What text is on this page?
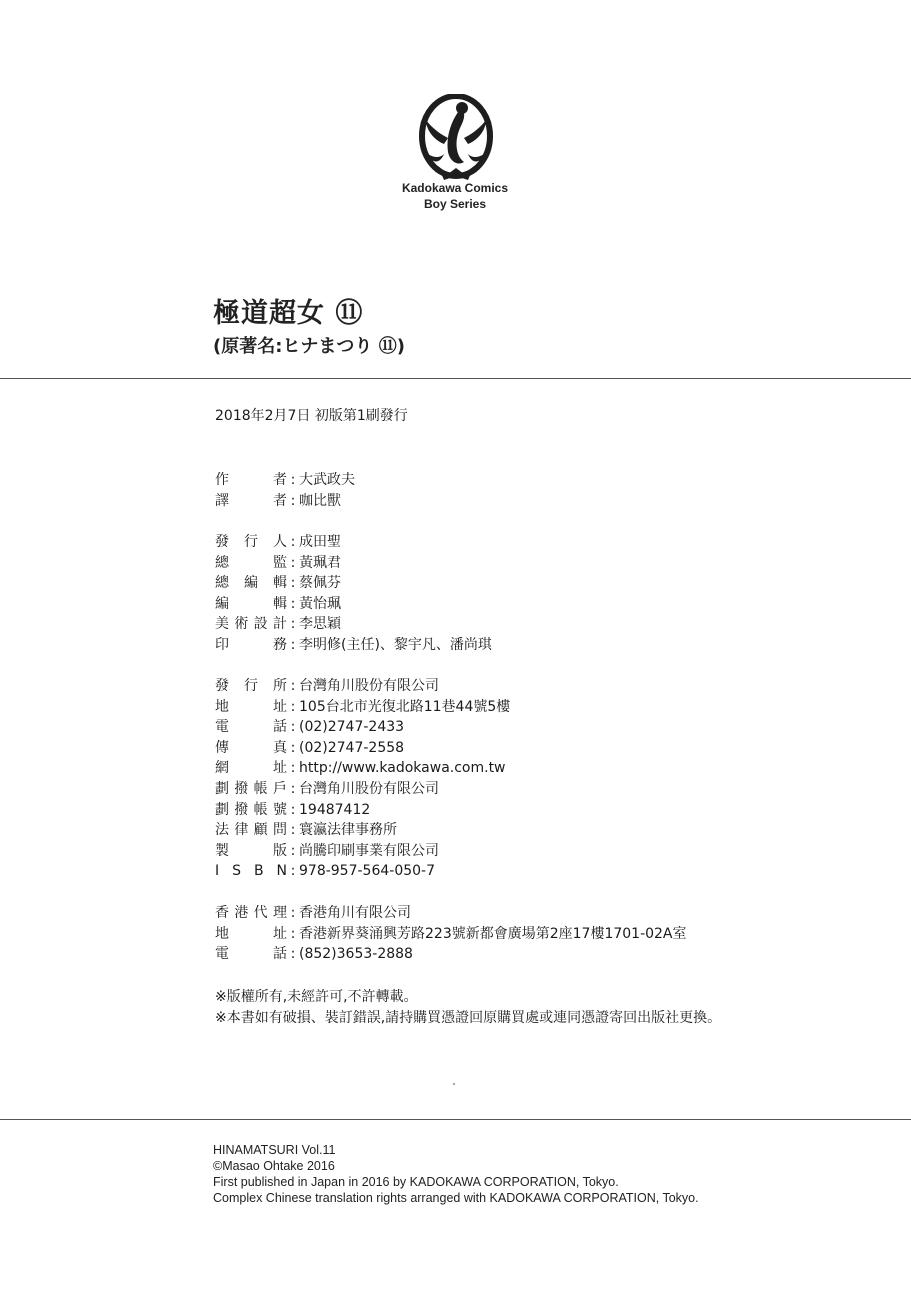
Kadokawa Comics
Boy Series
極道超女 ⑪
(原著名:ヒナまつり ⑪)
2018年2月7日 初版第1刷發行
作	者 : 大武政夫
譯	者 : 咖比獸
發 行 人 : 成田聖
總	監 : 黃珮君
總 編 輯 : 蔡佩芬
編	輯 : 黃怡珮
美 術 設 計 : 李思穎
印	務 : 李明修(主任)、黎宇凡、潘尚琪
發 行 所 : 台灣角川股份有限公司
地	址 : 105台北市光復北路11巷44號5樓
電	話 : (02)2747-2433
傳	真 : (02)2747-2558
網	址 : http://www.kadokawa.com.tw
劃 撥 帳 戶 : 台灣角川股份有限公司
劃 撥 帳 號 : 19487412
法 律 顧 問 : 寰瀛法律事務所
製	版 : 尚騰印刷事業有限公司
I S B N : 978-957-564-050-7
香 港 代 理 : 香港角川有限公司
地	址 : 香港新界葵涌興芳路223號新都會廣場第2座17樓1701-02A室
電	話 : (852)3653-2888
※版權所有,未經許可,不許轉載。
※本書如有破損、裝訂錯誤,請持購買憑證回原購買處或連同憑證寄回出版社更換。
HINAMATSURI Vol.11
©Masao Ohtake 2016
First published in Japan in 2016 by KADOKAWA CORPORATION, Tokyo.
Complex Chinese translation rights arranged with KADOKAWA CORPORATION, Tokyo.
